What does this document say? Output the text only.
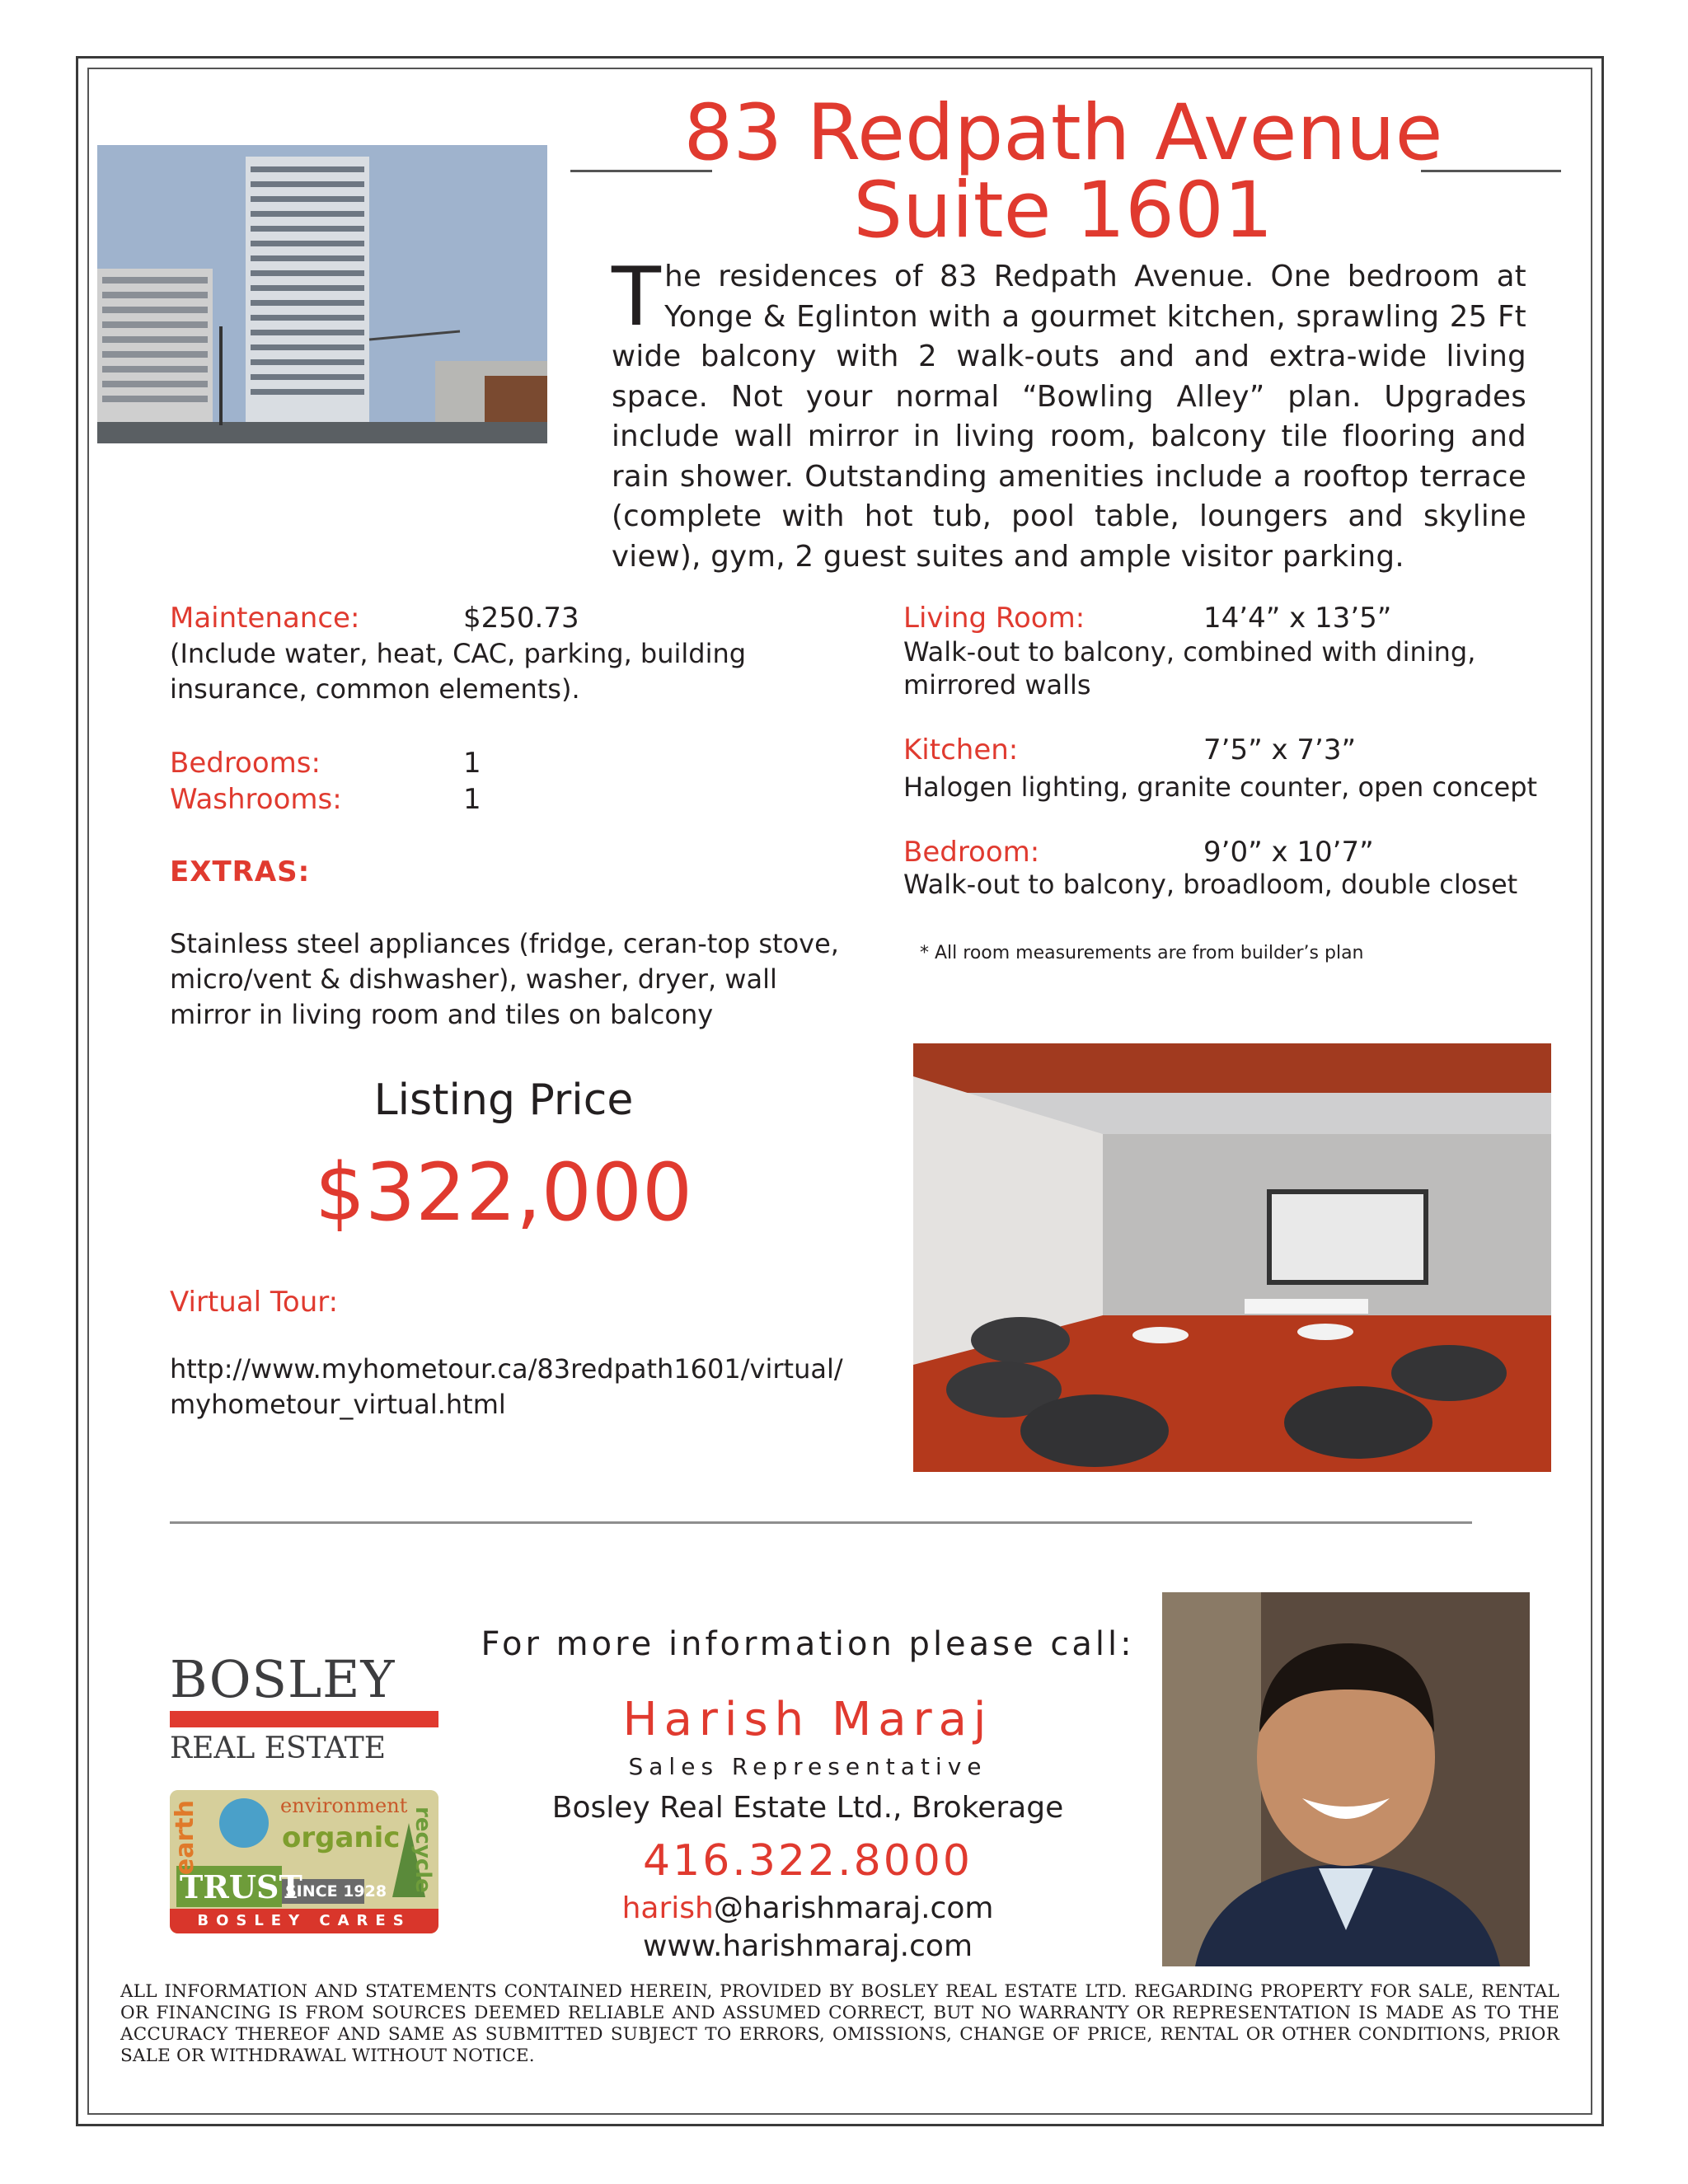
83 Redpath Avenue
Suite 1601
The residences of 83 Redpath Avenue. One bedroom at Yonge & Eglinton with a gourmet kitchen, sprawling 25 Ft wide balcony with 2 walk-outs and and extra-wide living space. Not your normal “Bowling Alley” plan. Upgrades include wall mirror in living room, balcony tile flooring and rain shower. Outstanding amenities include a rooftop terrace (complete with hot tub, pool table, loungers and skyline view), gym, 2 guest suites and ample visitor parking.
Maintenance:	$250.73
(Include water, heat, CAC, parking, building
insurance, common elements).
Bedrooms:	1
Washrooms:	1
EXTRAS:
Stainless steel appliances (fridge, ceran-top stove,
micro/vent & dishwasher), washer, dryer, wall
mirror in living room and tiles on balcony
Living Room:	14’4” x 13’5”
Walk-out to balcony, combined with dining,
mirrored walls
Kitchen:	7’5” x 7’3”
Halogen lighting, granite counter, open concept
Bedroom:	9’0” x 10’7”
Walk-out to balcony, broadloom, double closet
* All room measurements are from builder’s plan
Listing Price
$322,000
Virtual Tour:
http://www.myhometour.ca/83redpath1601/virtual/
myhometour_virtual.html
BOSLEY
REAL ESTATE
earth	environment
organic
TRUST
SINCE 1928 recycle
BOSLEY CARES
For more information please call:
Harish Maraj
Sales Representative
Bosley Real Estate Ltd., Brokerage
416.322.8000
harish@harishmaraj.com
www.harishmaraj.com
ALL INFORMATION AND STATEMENTS CONTAINED HEREIN, PROVIDED BY BOSLEY REAL ESTATE LTD. REGARDING PROPERTY FOR SALE, RENTAL OR FINANCING IS FROM SOURCES DEEMED RELIABLE AND ASSUMED CORRECT, BUT NO WARRANTY OR REPRESENTATION IS MADE AS TO THE ACCURACY THEREOF AND SAME AS SUBMITTED SUBJECT TO ERRORS, OMISSIONS, CHANGE OF PRICE, RENTAL OR OTHER CONDITIONS, PRIOR SALE OR WITHDRAWAL WITHOUT NOTICE.
